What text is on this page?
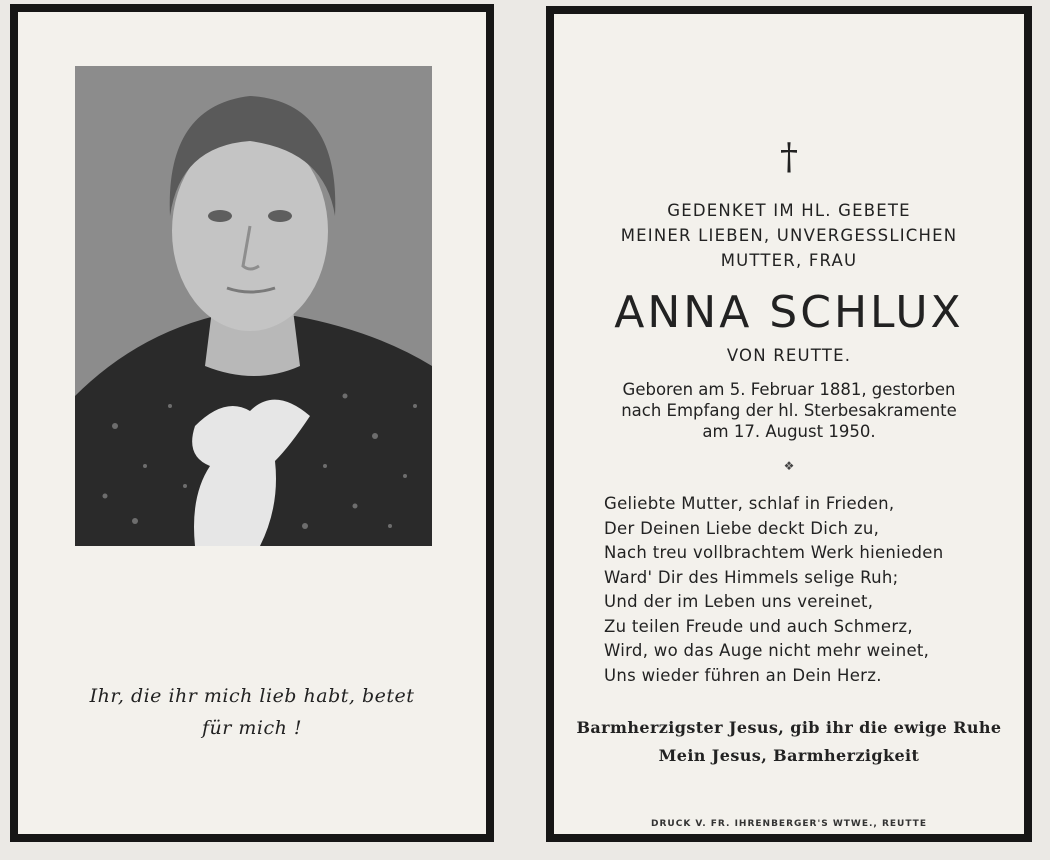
Ihr, die ihr mich lieb habt, betet
für mich !
†
GEDENKET IM HL. GEBETE
MEINER LIEBEN, UNVERGESSLICHEN
MUTTER, FRAU
ANNA SCHLUX
VON REUTTE.
Geboren am 5. Februar 1881, gestorben
nach Empfang der hl. Sterbesakramente
am 17. August 1950.
❖
Geliebte Mutter, schlaf in Frieden,
Der Deinen Liebe deckt Dich zu,
Nach treu vollbrachtem Werk hienieden
Ward' Dir des Himmels selige Ruh;
Und der im Leben uns vereinet,
Zu teilen Freude und auch Schmerz,
Wird, wo das Auge nicht mehr weinet,
Uns wieder führen an Dein Herz.
Barmherzigster Jesus, gib ihr die ewige Ruhe
Mein Jesus, Barmherzigkeit
DRUCK V. FR. IHRENBERGER'S WTWE., REUTTE
